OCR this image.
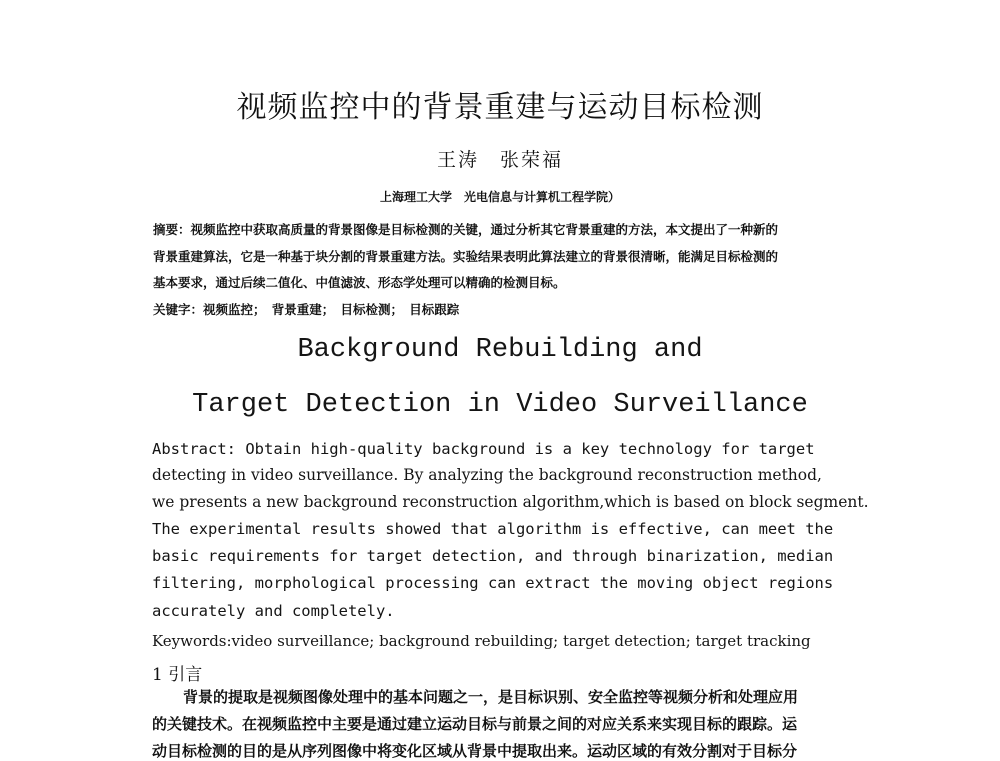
视频监控中的背景重建与运动目标检测
王涛　张荣福
上海理工大学　光电信息与计算机工程学院）
摘要：视频监控中获取高质量的背景图像是目标检测的关键，通过分析其它背景重建的方法，本文提出了一种新的
背景重建算法，它是一种基于块分割的背景重建方法。实验结果表明此算法建立的背景很清晰，能满足目标检测的
基本要求，通过后续二值化、中值滤波、形态学处理可以精确的检测目标。
关键字：视频监控；　背景重建；　目标检测；　目标跟踪
Background Rebuilding and
Target Detection in Video Surveillance
Abstract: Obtain high-quality background is a key technology for target
detecting in video surveillance. By analyzing the background reconstruction method,
we presents a new background reconstruction algorithm,which is based on block segment.
The experimental results showed that algorithm is effective, can meet the
basic requirements for target detection, and through binarization, median
filtering, morphological processing can extract the moving object regions
accurately and completely.
Keywords:video surveillance; background rebuilding; target detection; target tracking
1 引言
背景的提取是视频图像处理中的基本问题之一，是目标识别、安全监控等视频分析和处理应用
的关键技术。在视频监控中主要是通过建立运动目标与前景之间的对应关系来实现目标的跟踪。运
动目标检测的目的是从序列图像中将变化区域从背景中提取出来。运动区域的有效分割对于目标分
